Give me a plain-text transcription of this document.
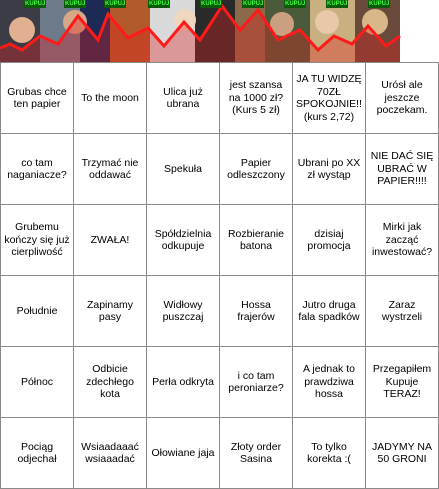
KUPUJ	KUPUJ	KUPUJ	KUPUJ	KUPUJ	KUPUJ	KUPUJ	KUPUJ	KUPUJ
Grubas chce ten papier	To the moon	Ulica już ubrana	jest szansa na 1000 zł? (Kurs 5 zł)	JA TU WIDZĘ 70ZŁ SPOKOJNIE!! (kurs 2,72)	Urósł ale jeszcze poczekam.
co tam naganiacze?	Trzymać nie oddawać	Spekuła	Papier odleszczony	Ubrani po XX zł wystąp	NIE DAĆ SIĘ UBRAĆ W PAPIER!!!!
Grubemu kończy się już cierpliwość	ZWAŁA!	Spółdzielnia odkupuje	Rozbieranie batona	dzisiaj promocja	Mirki jak zacząć inwestować?
Południe	Zapinamy pasy	Widłowy puszczaj	Hossa frajerów	Jutro druga fala spadków	Zaraz wystrzeli
Północ	Odbicie zdechłego kota	Perła odkryta	i co tam peroniarze?	A jednak to prawdziwa hossa	Przegapiłem Kupuje TERAZ!
Pociąg odjechał	Wsiaadaaać wsiaaadać	Ołowiane jaja	Złoty order Sasina	To tylko korekta :(	JADYMY NA 50 GRONI
